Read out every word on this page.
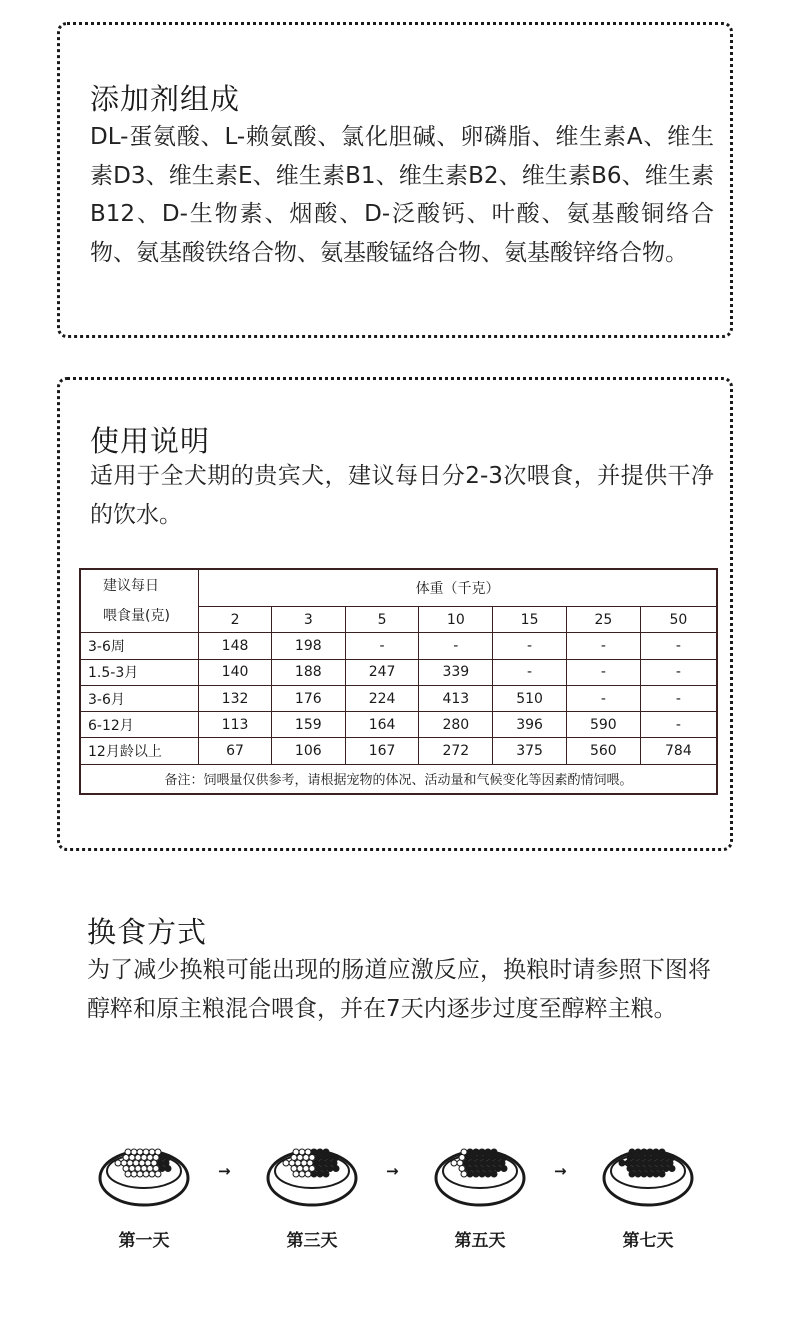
添加剂组成

DL-蛋氨酸、L-赖氨酸、氯化胆碱、卵磷脂、维生素A、维生素D3、维生素E、维生素B1、维生素B2、维生素B6、维生素B12、D-生物素、烟酸、D-泛酸钙、叶酸、氨基酸铜络合物、氨基酸铁络合物、氨基酸锰络合物、氨基酸锌络合物。

使用说明

适用于全犬期的贵宾犬，建议每日分2-3次喂食，并提供干净的饮水。

建议每日
喂食量(克)	体重（千克）						
	2	3	5	10	15	25	50
3-6周	148	198	-	-	-	-	-
1.5-3月	140	188	247	339	-	-	-
3-6月	132	176	224	413	510	-	-
6-12月	113	159	164	280	396	590	-
12月龄以上	67	106	167	272	375	560	784
备注：饲喂量仅供参考，请根据宠物的体况、活动量和气候变化等因素酌情饲喂。							
换食方式

为了减少换粮可能出现的肠道应激反应，换粮时请参照下图将醇粹和原主粮混合喂食，并在7天内逐步过度至醇粹主粮。

第一天
→
第三天
→
第五天
→
第七天
